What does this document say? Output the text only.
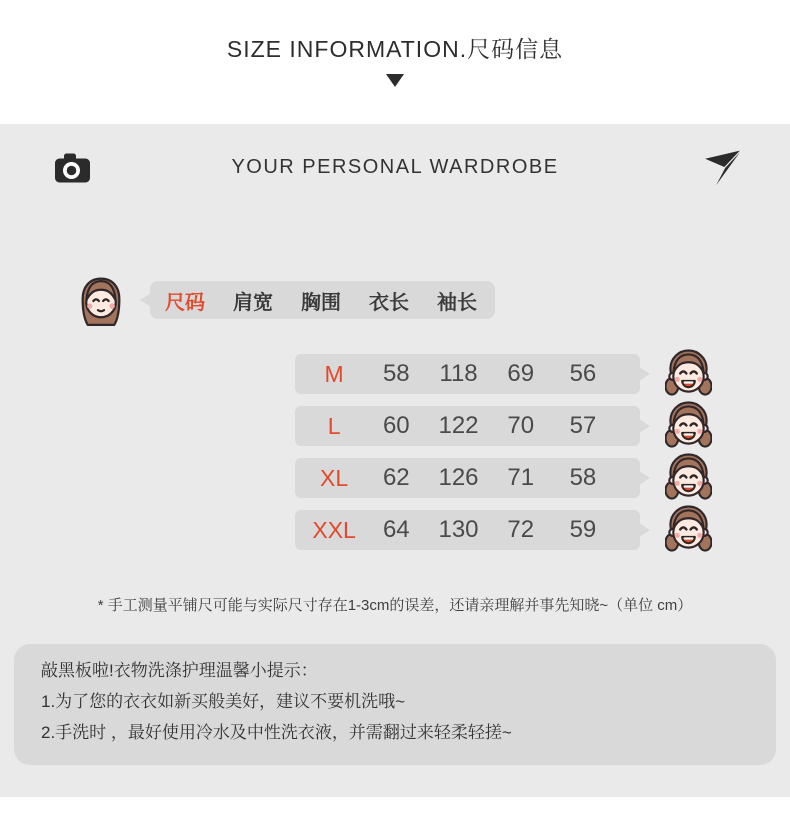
SIZE INFORMATION.尺码信息
YOUR PERSONAL WARDROBE
尺码 肩宽 胸围 衣长 袖长
M	58	118	69	56
L	60	122	70	57
XL	62	126	71	58
XXL	64	130	72	59
* 手工测量平铺尺可能与实际尺寸存在1-3cm的误差，还请亲理解并事先知晓~（单位 cm）

敲黑板啦!衣物洗涤护理温馨小提示：

1.为了您的衣衣如新买般美好，建议不要机洗哦~

2.手洗时 ，最好使用冷水及中性洗衣液，并需翻过来轻柔轻搓~
